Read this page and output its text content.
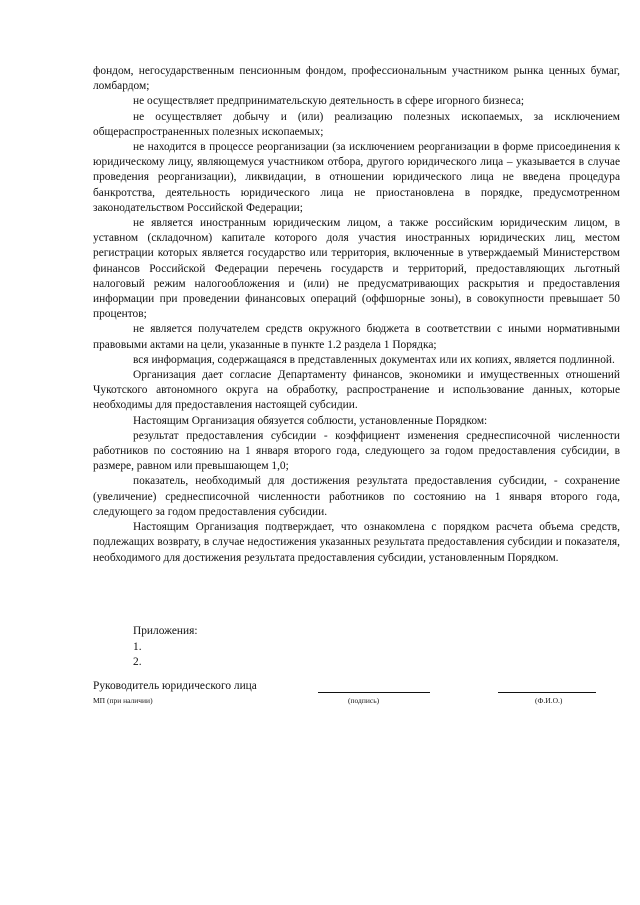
фондом, негосударственным пенсионным фондом, профессиональным участником рынка ценных бумаг, ломбардом;

не осуществляет предпринимательскую деятельность в сфере игорного бизнеса;

не осуществляет добычу и (или) реализацию полезных ископаемых, за исключением общераспространенных полезных ископаемых;

не находится в процессе реорганизации (за исключением реорганизации в форме присоединения к юридическому лицу, являющемуся участником отбора, другого юридического лица – указывается в случае проведения реорганизации), ликвидации, в отношении юридического лица не введена процедура банкротства, деятельность юридического лица не приостановлена в порядке, предусмотренном законодательством Российской Федерации;

не является иностранным юридическим лицом, а также российским юридическим лицом, в уставном (складочном) капитале которого доля участия иностранных юридических лиц, местом регистрации которых является государство или территория, включенные в утверждаемый Министерством финансов Российской Федерации перечень государств и территорий, предоставляющих льготный налоговый режим налогообложения и (или) не предусматривающих раскрытия и предоставления информации при проведении финансовых операций (оффшорные зоны), в совокупности превышает 50 процентов;

не является получателем средств окружного бюджета в соответствии с иными нормативными правовыми актами на цели, указанные в пункте 1.2 раздела 1 Порядка;

вся информация, содержащаяся в представленных документах или их копиях, является подлинной.

Организация дает согласие Департаменту финансов, экономики и имущественных отношений Чукотского автономного округа на обработку, распространение и использование данных, которые необходимы для предоставления настоящей субсидии.

Настоящим Организация обязуется соблюсти, установленные Порядком:

результат предоставления субсидии - коэффициент изменения среднесписочной численности работников по состоянию на 1 января второго года, следующего за годом предоставления субсидии, в размере, равном или превышающем 1,0;

показатель, необходимый для достижения результата предоставления субсидии, - сохранение (увеличение) среднесписочной численности работников по состоянию на 1 января второго года, следующего за годом предоставления субсидии.

Настоящим Организация подтверждает, что ознакомлена с порядком расчета объема средств, подлежащих возврату, в случае недостижения указанных результата предоставления субсидии и показателя, необходимого для достижения результата предоставления субсидии, установленным Порядком.

Приложения:
1.
2.
Руководитель юридического лица
МП (при наличии)	(подпись)	(Ф.И.О.)
